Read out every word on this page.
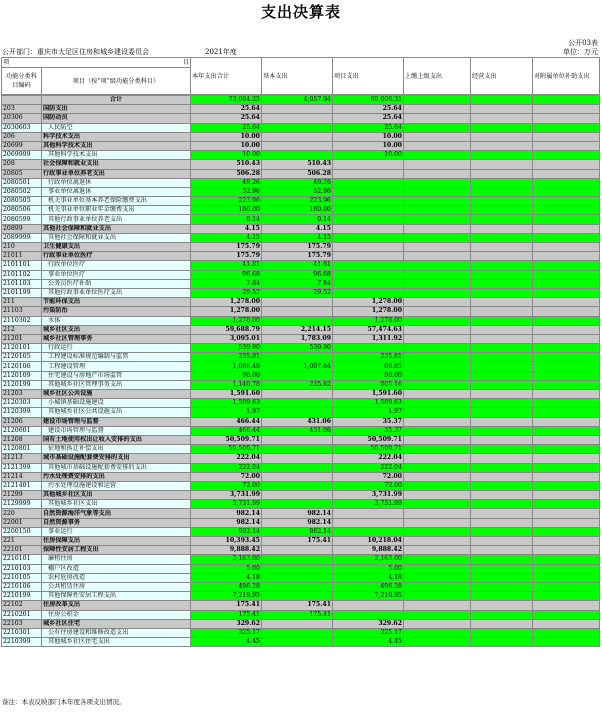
支出决算表
公开03表
单位：万元
公开部门：重庆市大足区住房和城乡建设委员会	2021年度
项 目		本年支出合计	基本支出	项目支出	上缴上级支出	经营支出	对附属单位补助支出
功能分类科目编码	项目（按“项”级功能分类科目）						
	合计	73,064.25	4,057.94	69,006.31			
203	国防支出	25.64		25.64			
20306	国防动员	25.64		25.64			
2030603	人民防空	25.64		25.64			
206	科学技术支出	10.00		10.00			
20699	其他科学技术支出	10.00		10.00			
2069999	其他科学技术支出	10.00		10.00			
208	社会保障和就业支出	510.43	510.43				
20805	行政事业单位养老支出	506.28	506.28				
2080501	行政单位离退休	49.26	49.26				
2080502	事业单位离退休	52.96	52.96				
2080505	机关事业单位基本养老保险缴费支出	223.96	223.96				
2080506	机关事业单位职业年金缴费支出	180.00	180.00				
2080599	其他行政事业单位养老支出	0.14	0.14				
20899	其他社会保障和就业支出	4.15	4.15				
2089999	其他社会保障和就业支出	4.15	4.15				
210	卫生健康支出	175.79	175.79				
21011	行政事业单位医疗	175.79	175.79				
2101101	行政单位医疗	41.81	41.81				
2101102	事业单位医疗	96.68	96.68				
2101103	公务员医疗补助	7.84	7.84				
2101199	其他行政事业单位医疗支出	29.52	29.52				
211	节能环保支出	1,278.00		1,278.00			
21103	污染防治	1,278.00		1,278.00			
2110302	水体	1,278.00		1,278.00			
212	城乡社区支出	59,688.79	2,214.15	57,474.63			
21201	城乡社区管理事务	3,095.01	1,783.09	1,311.92			
2120101	行政运行	539.90	539.90				
2120105	工程建设标准规范编制与监管	235.81		235.81			
2120106	工程建设管理	1,088.49	1,007.64	80.85			
2120109	住宅建设与房地产市场监管	90.00		90.00			
2120199	其他城乡社区管理事务支出	1,140.78	235.62	905.16			
21203	城乡社区公共设施	1,591.60		1,591.60			
2120303	小城镇基础设施建设	1,589.63		1,589.63			
2120399	其他城乡社区公共设施支出	1.97		1.97			
21206	建设市场管理与监督	466.44	431.06	35.37			
2120601	建设市场管理与监督	466.44	431.06	35.37			
21208	国有土地使用权出让收入安排的支出	50,509.71		50,509.71			
2120801	征地和拆迁补偿支出	50,509.71		50,509.71			
21213	城市基础设施配套费安排的支出	222.04		222.04			
2121399	其他城市基础设施配套费安排的支出	222.04		222.04			
21214	污水处理费安排的支出	72.00		72.00			
2121401	污水处理设施建设和运营	72.00		72.00			
21299	其他城乡社区支出	3,731.99		3,731.99			
2129999	其他城乡社区支出	3,731.99		3,731.99			
220	自然资源海洋气象等支出	982.14	982.14				
22001	自然资源事务	982.14	982.14				
2200150	事业运行	982.14	982.14				
221	住房保障支出	10,393.45	175.41	10,218.04			
22101	保障性安居工程支出	9,888.42		9,888.42			
2210101	廉租住房	2,163.00		2,163.00			
2210103	棚户区改造	5.00		5.00			
2210105	农村危房改造	4.18		4.18			
2210106	公共租赁住房	496.28		496.28			
2210199	其他保障性安居工程支出	7,219.95		7,219.95			
22102	住房改革支出	175.41	175.41				
2210201	住房公积金	175.41	175.41				
22103	城乡社区住宅	329.62		329.62			
2210301	公有住房建设和维修改造支出	325.17		325.17			
2210399	其他城乡社区住宅支出	4.45		4.45			
备注：本表反映部门本年度各项支出情况。
